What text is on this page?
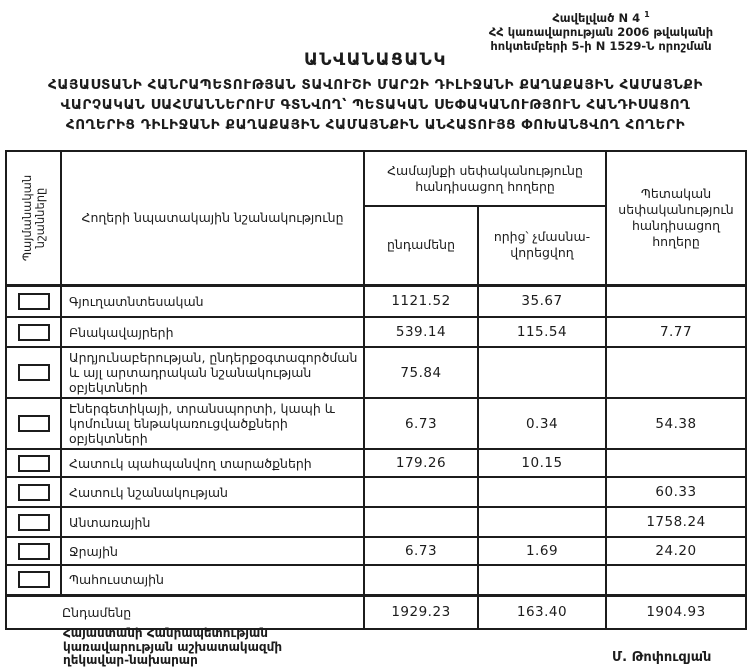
Հավելված N 4 $^1$
ՀՀ կառավարության 2006 թվականի
հոկտեմբերի 5-ի N 1529-Ն որոշման
ԱՆՎԱՆԱՑԱՆԿ
ՀԱՅԱՍՏԱՆԻ ՀԱՆՐԱՊԵՏՈՒԹՅԱՆ ՏԱՎՈՒՇԻ ՄԱՐԶԻ ԴԻԼԻՋԱՆԻ ՔԱՂԱՔԱՅԻՆ ՀԱՄԱՅՆՔԻ
ՎԱՐՉԱԿԱՆ ՍԱՀՄԱՆՆԵՐՈՒՄ ԳՏՆՎՈՂ՝ ՊԵՏԱԿԱՆ ՍԵՓԱԿԱՆՈՒԹՅՈՒՆ ՀԱՆԴԻՍԱՑՈՂ
ՀՈՂԵՐԻՑ ԴԻԼԻՋԱՆԻ ՔԱՂԱՔԱՅԻՆ ՀԱՄԱՅՆՔԻՆ ԱՆՀԱՏՈՒՅՑ ՓՈԽԱՆՑՎՈՂ ՀՈՂԵՐԻ
Պայմանական նշանները	Հողերի նպատակային նշանակությունը	Համայնքի սեփականությունը հանդիսացող հողերը		Պետական սեփականություն հանդիսացող հողերը
		ընդամենը	որից՝ չմասնա-վորեցվող	

	Գյուղատնտեսական	1121.52	35.67	

	Բնակավայրերի	539.14	115.54	7.77

	Արդյունաբերության, ընդերքօգտագործման և այլ արտադրական նշանակության օբյեկտների	75.84		

	Էներգետիկայի, տրանսպորտի, կապի և կոմունալ ենթակառուցվածքների օբյեկտների	6.73	0.34	54.38

	Հատուկ պահպանվող տարածքների	179.26	10.15	

	Հատուկ նշանակության			60.33

	Անտառային			1758.24

	Ջրային	6.73	1.69	24.20

	Պահուստային			
Ընդամենը		1929.23	163.40	1904.93
Հայաստանի Հանրապետության
կառավարության աշխատակազմի
ղեկավար-նախարար	Մ. Թոփուզյան
